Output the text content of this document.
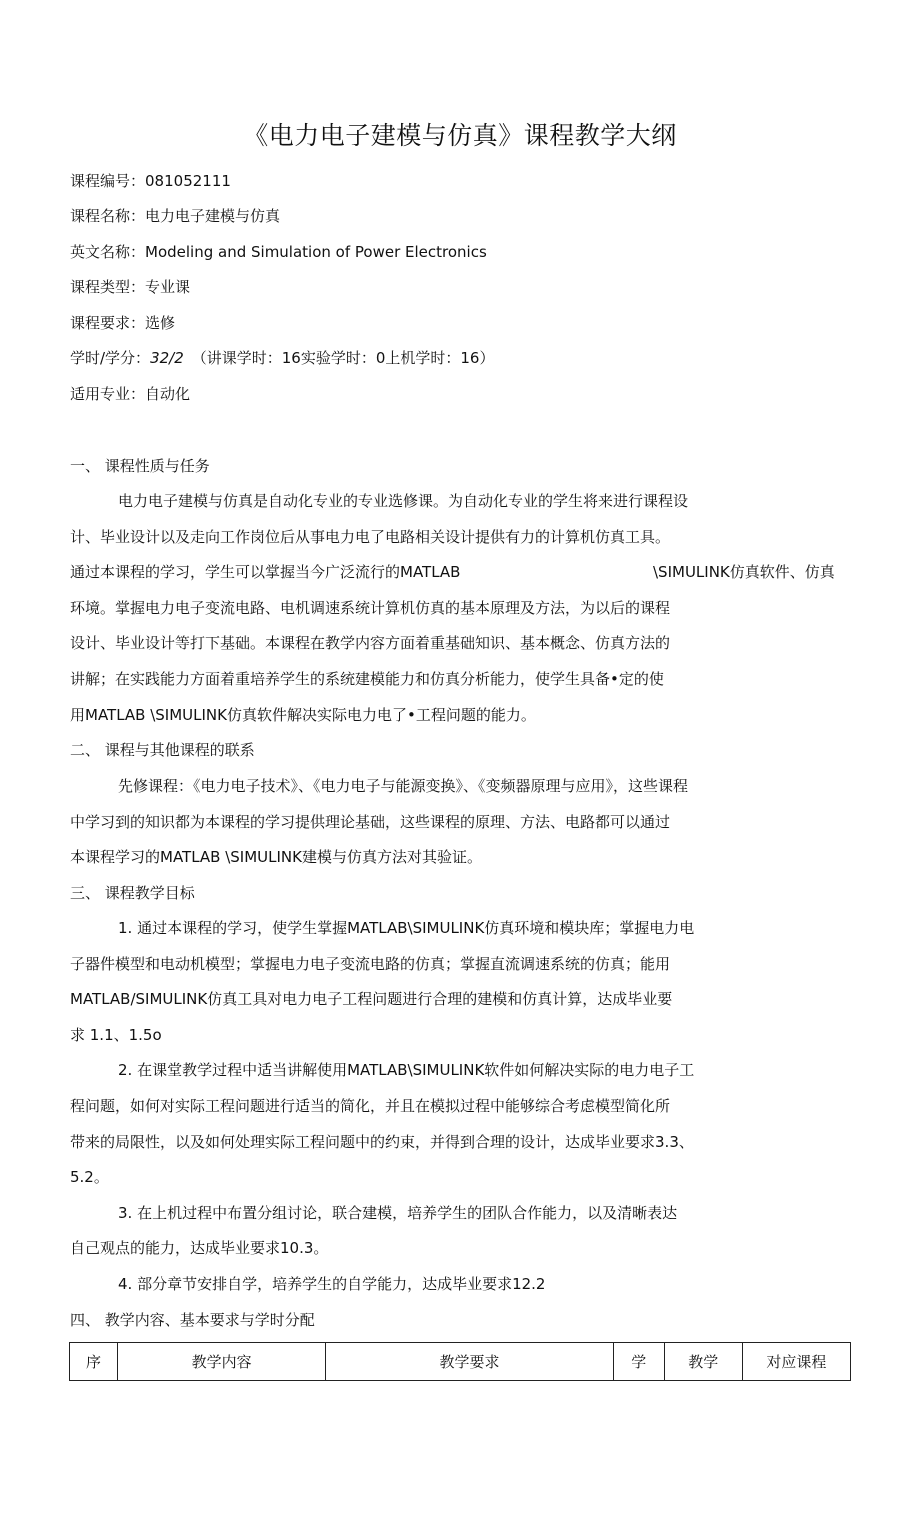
《电力电子建模与仿真》课程教学大纲
课程编号：081052111
课程名称：电力电子建模与仿真
英文名称：Modeling and Simulation of Power Electronics
课程类型：专业课
课程要求：选修
学时/学分：32/2 （讲课学时：16实验学时：0上机学时：16）
适用专业：自动化
一、 课程性质与任务
电力电子建模与仿真是自动化专业的专业选修课。为自动化专业的学生将来进行课程设
计、毕业设计以及走向工作岗位后从事电力电了电路相关设计提供有力的计算机仿真工具。
通过本课程的学习，学生可以掌握当今广泛流行的MATLAB	\SIMULINK仿真软件、仿真
环境。掌握电力电子变流电路、电机调速系统计算机仿真的基本原理及方法，为以后的课程
设计、毕业设计等打下基础。本课程在教学内容方面着重基础知识、基本概念、仿真方法的
讲解；在实践能力方面着重培养学生的系统建模能力和仿真分析能力，使学生具备•定的使
用MATLAB \SIMULINK仿真软件解决实际电力电了•工程问题的能力。
二、 课程与其他课程的联系
先修课程：《电力电子技术》、《电力电子与能源变换》、《变频器原理与应用》，这些课程
中学习到的知识都为本课程的学习提供理论基础，这些课程的原理、方法、电路都可以通过
本课程学习的MATLAB \SIMULINK建模与仿真方法对其验证。
三、 课程教学目标
1. 通过本课程的学习，使学生掌握MATLAB\SIMULINK仿真环境和模块库；掌握电力电
子器件模型和电动机模型；掌握电力电子变流电路的仿真；掌握直流调速系统的仿真；能用
MATLAB/SIMULINK仿真工具对电力电子工程问题进行合理的建模和仿真计算，达成毕业要
求 1.1、1.5o
2. 在课堂教学过程中适当讲解使用MATLAB\SIMULINK软件如何解决实际的电力电子工
程问题，如何对实际工程问题进行适当的简化，并且在模拟过程中能够综合考虑模型简化所
带来的局限性，以及如何处理实际工程问题中的约束，并得到合理的设计，达成毕业要求3.3、
5.2。
3. 在上机过程中布置分组讨论，联合建模，培养学生的团队合作能力，以及清晰表达
自己观点的能力，达成毕业要求10.3。
4. 部分章节安排自学，培养学生的自学能力，达成毕业要求12.2
四、 教学内容、基本要求与学时分配
序	教学内容	教学要求	学	教学	对应课程
